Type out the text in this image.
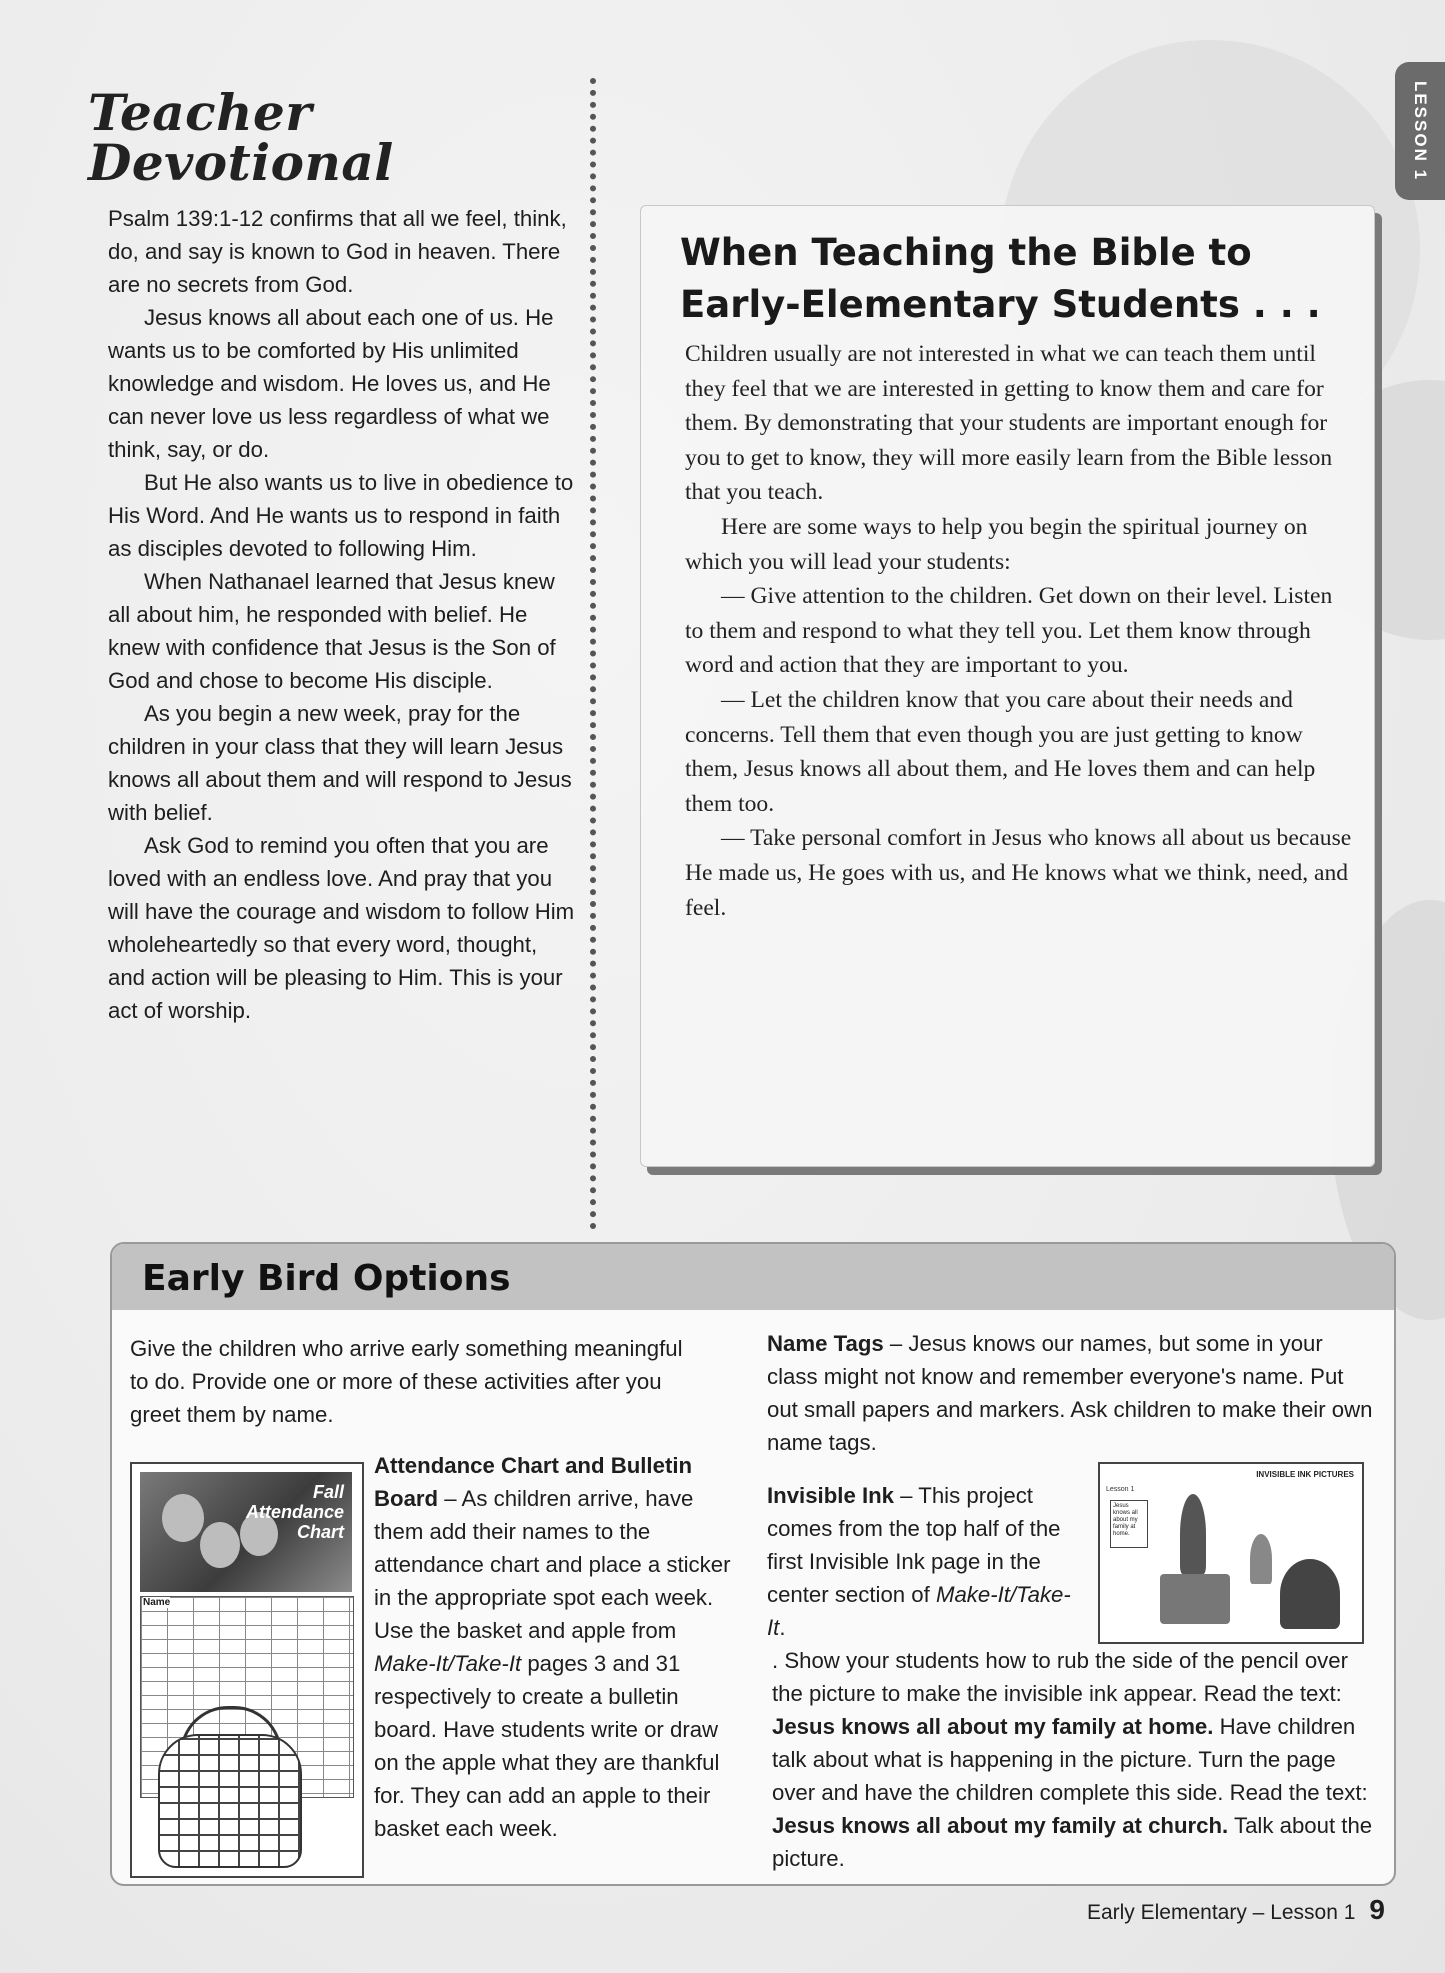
LESSON 1
Teacher Devotional

Psalm 139:1-12 confirms that all we feel, think, do, and say is known to God in heaven. There are no secrets from God.

Jesus knows all about each one of us. He wants us to be comforted by His unlimited knowledge and wisdom. He loves us, and He can never love us less regardless of what we think, say, or do.

But He also wants us to live in obedience to His Word. And He wants us to respond in faith as disciples devoted to following Him.

When Nathanael learned that Jesus knew all about him, he responded with belief. He knew with confidence that Jesus is the Son of God and chose to become His disciple.

As you begin a new week, pray for the children in your class that they will learn Jesus knows all about them and will respond to Jesus with belief.

Ask God to remind you often that you are loved with an endless love. And pray that you will have the courage and wisdom to follow Him wholeheartedly so that every word, thought, and action will be pleasing to Him. This is your act of worship.

When Teaching the Bible to Early-Elementary Students . . .

Children usually are not interested in what we can teach them until they feel that we are interested in getting to know them and care for them. By demonstrating that your students are important enough for you to get to know, they will more easily learn from the Bible lesson that you teach.

Here are some ways to help you begin the spiritual journey on which you will lead your students:

— Give attention to the children. Get down on their level. Listen to them and respond to what they tell you. Let them know through word and action that they are important to you.

— Let the children know that you care about their needs and concerns. Tell them that even though you are just getting to know them, Jesus knows all about them, and He loves them and can help them too.

— Take personal comfort in Jesus who knows all about us because He made us, He goes with us, and He knows what we think, need, and feel.

Early Bird Options

Give the children who arrive early something meaningful to do. Provide one or more of these activities after you greet them by name.

Fall
Attendance
Chart
Name

Attendance Chart and Bulletin Board – As children arrive, have them add their names to the attendance chart and place a sticker in the appropriate spot each week. Use the basket and apple from Make-It/Take-It pages 3 and 31 respectively to create a bulletin board. Have students write or draw on the apple what they are thankful for. They can add an apple to their basket each week.

Name Tags – Jesus knows our names, but some in your class might not know and remember everyone's name. Put out small papers and markers. Ask children to make their own name tags.

Invisible Ink – This project comes from the top half of the first Invisible Ink page in the center section of Make-It/Take-It.

INVISIBLE INK PICTURES
Lesson 1
Jesus knows all about my family at home.

. Show your students how to rub the side of the pencil over the picture to make the invisible ink appear. Read the text: Jesus knows all about my family at home. Have children talk about what is happening in the picture. Turn the page over and have the children complete this side. Read the text: Jesus knows all about my family at church. Talk about the picture.

Early Elementary – Lesson 1 9
